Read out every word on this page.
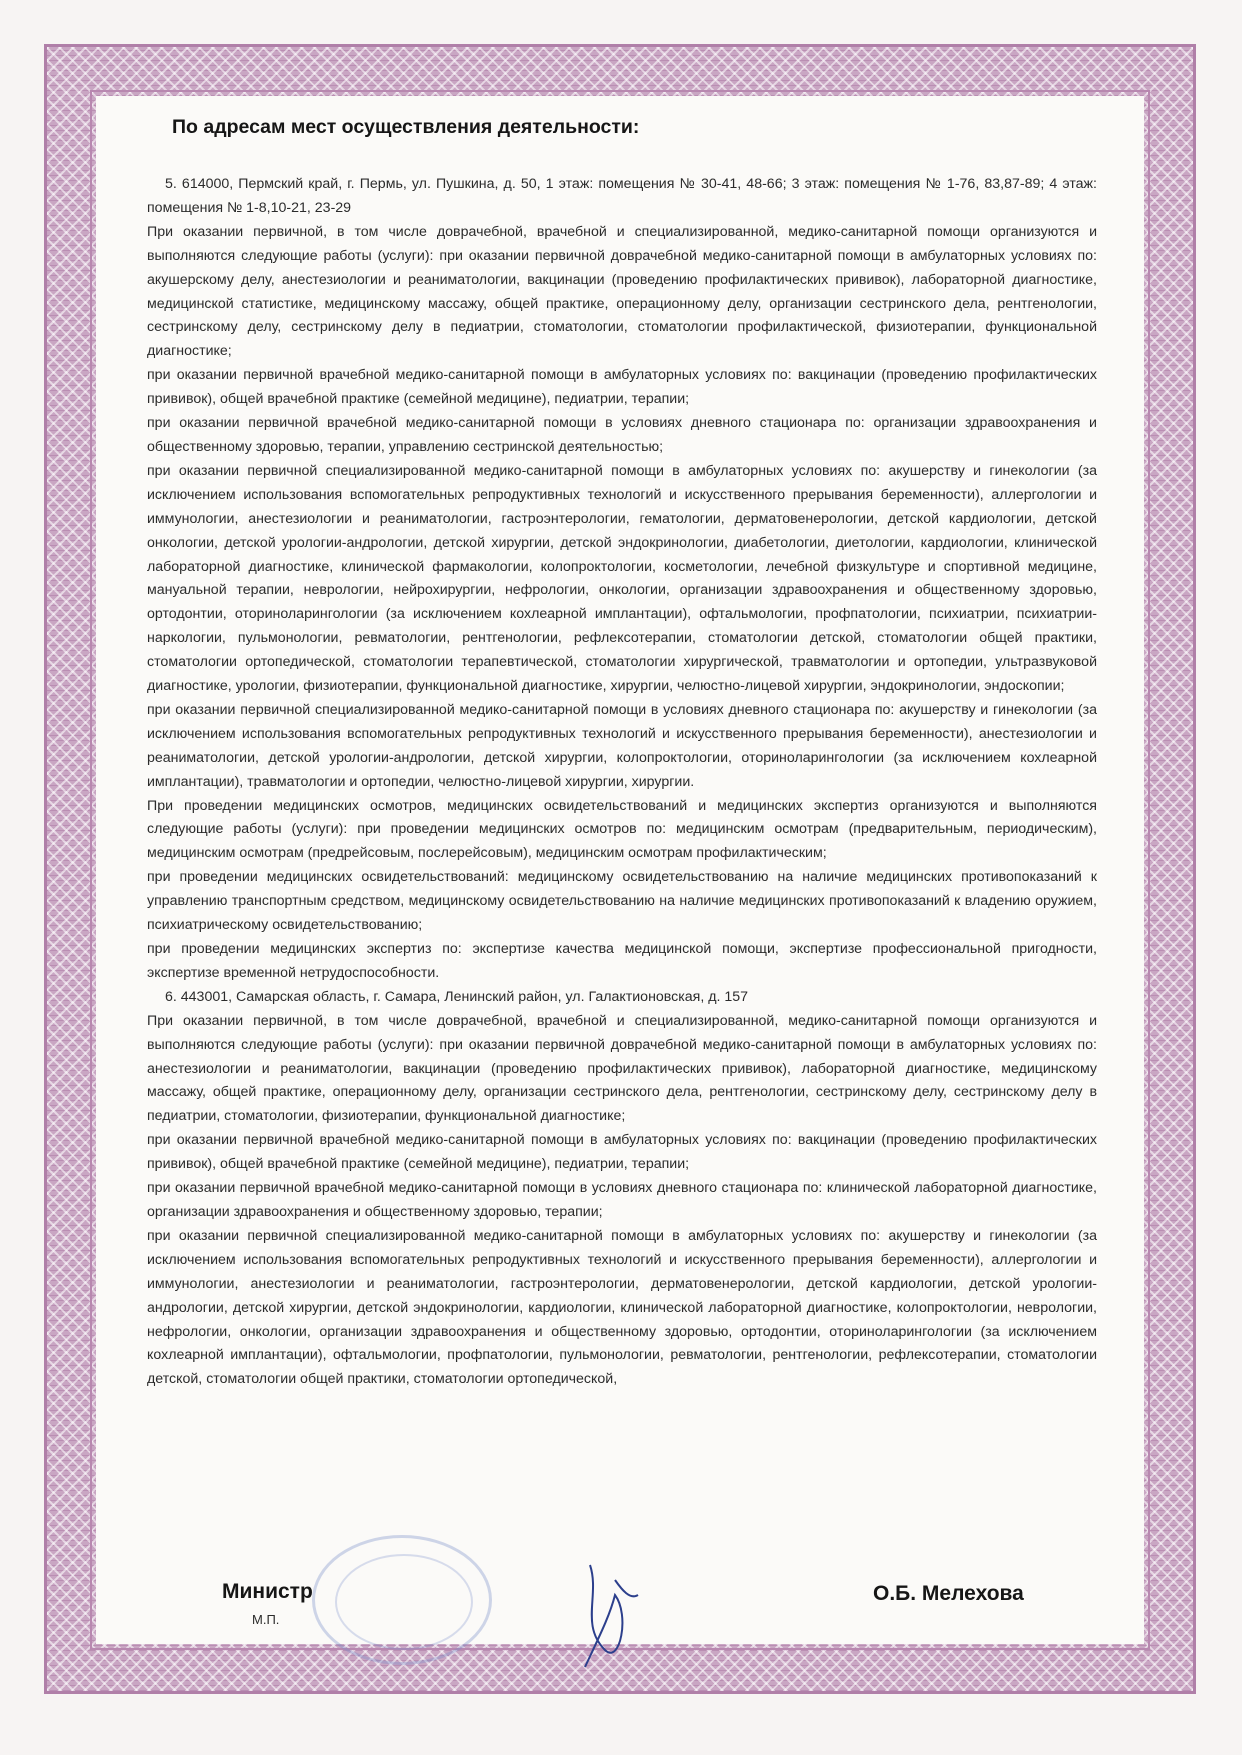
По адресам мест осуществления деятельности:

5. 614000, Пермский край, г. Пермь, ул. Пушкина, д. 50, 1 этаж: помещения № 30-41, 48-66; 3 этаж: помещения № 1-76, 83,87-89; 4 этаж: помещения № 1-8,10-21, 23-29

При оказании первичной, в том числе доврачебной, врачебной и специализированной, медико-санитарной помощи организуются и выполняются следующие работы (услуги): при оказании первичной доврачебной медико-санитарной помощи в амбулаторных условиях по: акушерскому делу, анестезиологии и реаниматологии, вакцинации (проведению профилактических прививок), лабораторной диагностике, медицинской статистике, медицинскому массажу, общей практике, операционному делу, организации сестринского дела, рентгенологии, сестринскому делу, сестринскому делу в педиатрии, стоматологии, стоматологии профилактической, физиотерапии, функциональной диагностике;

при оказании первичной врачебной медико-санитарной помощи в амбулаторных условиях по: вакцинации (проведению профилактических прививок), общей врачебной практике (семейной медицине), педиатрии, терапии;

при оказании первичной врачебной медико-санитарной помощи в условиях дневного стационара по: организации здравоохранения и общественному здоровью, терапии, управлению сестринской деятельностью;

при оказании первичной специализированной медико-санитарной помощи в амбулаторных условиях по: акушерству и гинекологии (за исключением использования вспомогательных репродуктивных технологий и искусственного прерывания беременности), аллергологии и иммунологии, анестезиологии и реаниматологии, гастроэнтерологии, гематологии, дерматовенерологии, детской кардиологии, детской онкологии, детской урологии-андрологии, детской хирургии, детской эндокринологии, диабетологии, диетологии, кардиологии, клинической лабораторной диагностике, клинической фармакологии, колопроктологии, косметологии, лечебной физкультуре и спортивной медицине, мануальной терапии, неврологии, нейрохирургии, нефрологии, онкологии, организации здравоохранения и общественному здоровью, ортодонтии, оториноларингологии (за исключением кохлеарной имплантации), офтальмологии, профпатологии, психиатрии, психиатрии-наркологии, пульмонологии, ревматологии, рентгенологии, рефлексотерапии, стоматологии детской, стоматологии общей практики, стоматологии ортопедической, стоматологии терапевтической, стоматологии хирургической, травматологии и ортопедии, ультразвуковой диагностике, урологии, физиотерапии, функциональной диагностике, хирургии, челюстно-лицевой хирургии, эндокринологии, эндоскопии;

при оказании первичной специализированной медико-санитарной помощи в условиях дневного стационара по: акушерству и гинекологии (за исключением использования вспомогательных репродуктивных технологий и искусственного прерывания беременности), анестезиологии и реаниматологии, детской урологии-андрологии, детской хирургии, колопроктологии, оториноларингологии (за исключением кохлеарной имплантации), травматологии и ортопедии, челюстно-лицевой хирургии, хирургии.

При проведении медицинских осмотров, медицинских освидетельствований и медицинских экспертиз организуются и выполняются следующие работы (услуги): при проведении медицинских осмотров по: медицинским осмотрам (предварительным, периодическим), медицинским осмотрам (предрейсовым, послерейсовым), медицинским осмотрам профилактическим;

при проведении медицинских освидетельствований: медицинскому освидетельствованию на наличие медицинских противопоказаний к управлению транспортным средством, медицинскому освидетельствованию на наличие медицинских противопоказаний к владению оружием, психиатрическому освидетельствованию;

при проведении медицинских экспертиз по: экспертизе качества медицинской помощи, экспертизе профессиональной пригодности, экспертизе временной нетрудоспособности.

6. 443001, Самарская область, г. Самара, Ленинский район, ул. Галактионовская, д. 157

При оказании первичной, в том числе доврачебной, врачебной и специализированной, медико-санитарной помощи организуются и выполняются следующие работы (услуги): при оказании первичной доврачебной медико-санитарной помощи в амбулаторных условиях по: анестезиологии и реаниматологии, вакцинации (проведению профилактических прививок), лабораторной диагностике, медицинскому массажу, общей практике, операционному делу, организации сестринского дела, рентгенологии, сестринскому делу, сестринскому делу в педиатрии, стоматологии, физиотерапии, функциональной диагностике;

при оказании первичной врачебной медико-санитарной помощи в амбулаторных условиях по: вакцинации (проведению профилактических прививок), общей врачебной практике (семейной медицине), педиатрии, терапии;

при оказании первичной врачебной медико-санитарной помощи в условиях дневного стационара по: клинической лабораторной диагностике, организации здравоохранения и общественному здоровью, терапии;

при оказании первичной специализированной медико-санитарной помощи в амбулаторных условиях по: акушерству и гинекологии (за исключением использования вспомогательных репродуктивных технологий и искусственного прерывания беременности), аллергологии и иммунологии, анестезиологии и реаниматологии, гастроэнтерологии, дерматовенерологии, детской кардиологии, детской урологии-андрологии, детской хирургии, детской эндокринологии, кардиологии, клинической лабораторной диагностике, колопроктологии, неврологии, нефрологии, онкологии, организации здравоохранения и общественному здоровью, ортодонтии, оториноларингологии (за исключением кохлеарной имплантации), офтальмологии, профпатологии, пульмонологии, ревматологии, рентгенологии, рефлексотерапии, стоматологии детской, стоматологии общей практики, стоматологии ортопедической,

Министр
М.П.
О.Б. Мелехова
